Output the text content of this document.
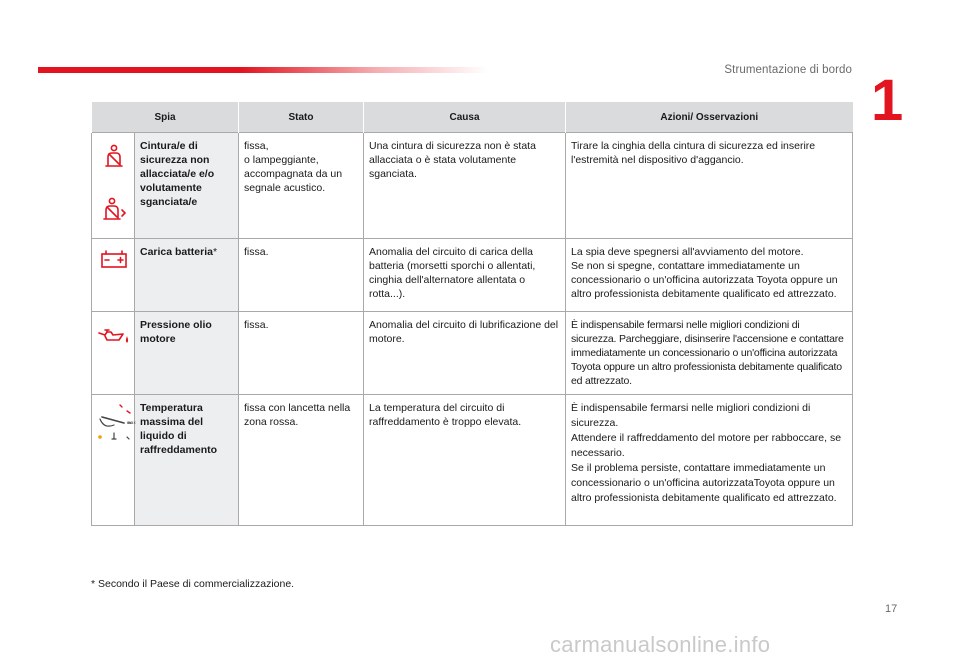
Strumentazione di bordo 1
Spia		Stato	Causa	Azioni/ Osservazioni

	Cintura/e di sicurezza non allacciata/e e/o volutamente sganciata/e	fissa,
o lampeggiante,
accompagnata da un segnale acustico.	Una cintura di sicurezza non è stata allacciata o è stata volutamente sganciata.	Tirare la cinghia della cintura di sicurezza ed inserire l'estremità nel dispositivo d'aggancio.

	Carica batteria*	fissa.	Anomalia del circuito di carica della batteria (morsetti sporchi o allentati, cinghia dell'alternatore allentata o rotta...).	La spia deve spegnersi all'avviamento del motore.
Se non si spegne, contattare immediatamente un concessionario o un'officina autorizzata Toyota oppure un altro professionista debitamente qualificato ed attrezzato.

	Pressione olio motore	fissa.	Anomalia del circuito di lubrificazione del motore.	È indispensabile fermarsi nelle migliori condizioni di sicurezza. Parcheggiare, disinserire l'accensione e contattare immediatamente un concessionario o un'officina autorizzata Toyota oppure un altro professionista debitamente qualificato ed attrezzato.

max	Temperatura massima del liquido di raffreddamento	fissa con lancetta nella zona rossa.	La temperatura del circuito di raffreddamento è troppo elevata.	È indispensabile fermarsi nelle migliori condizioni di sicurezza.
Attendere il raffreddamento del motore per rabboccare, se necessario.
Se il problema persiste, contattare immediatamente un concessionario o un'officina autorizzataToyota oppure un altro professionista debitamente qualificato ed attrezzato.
* Secondo il Paese di commercializzazione.
17
carmanualsonline.info
